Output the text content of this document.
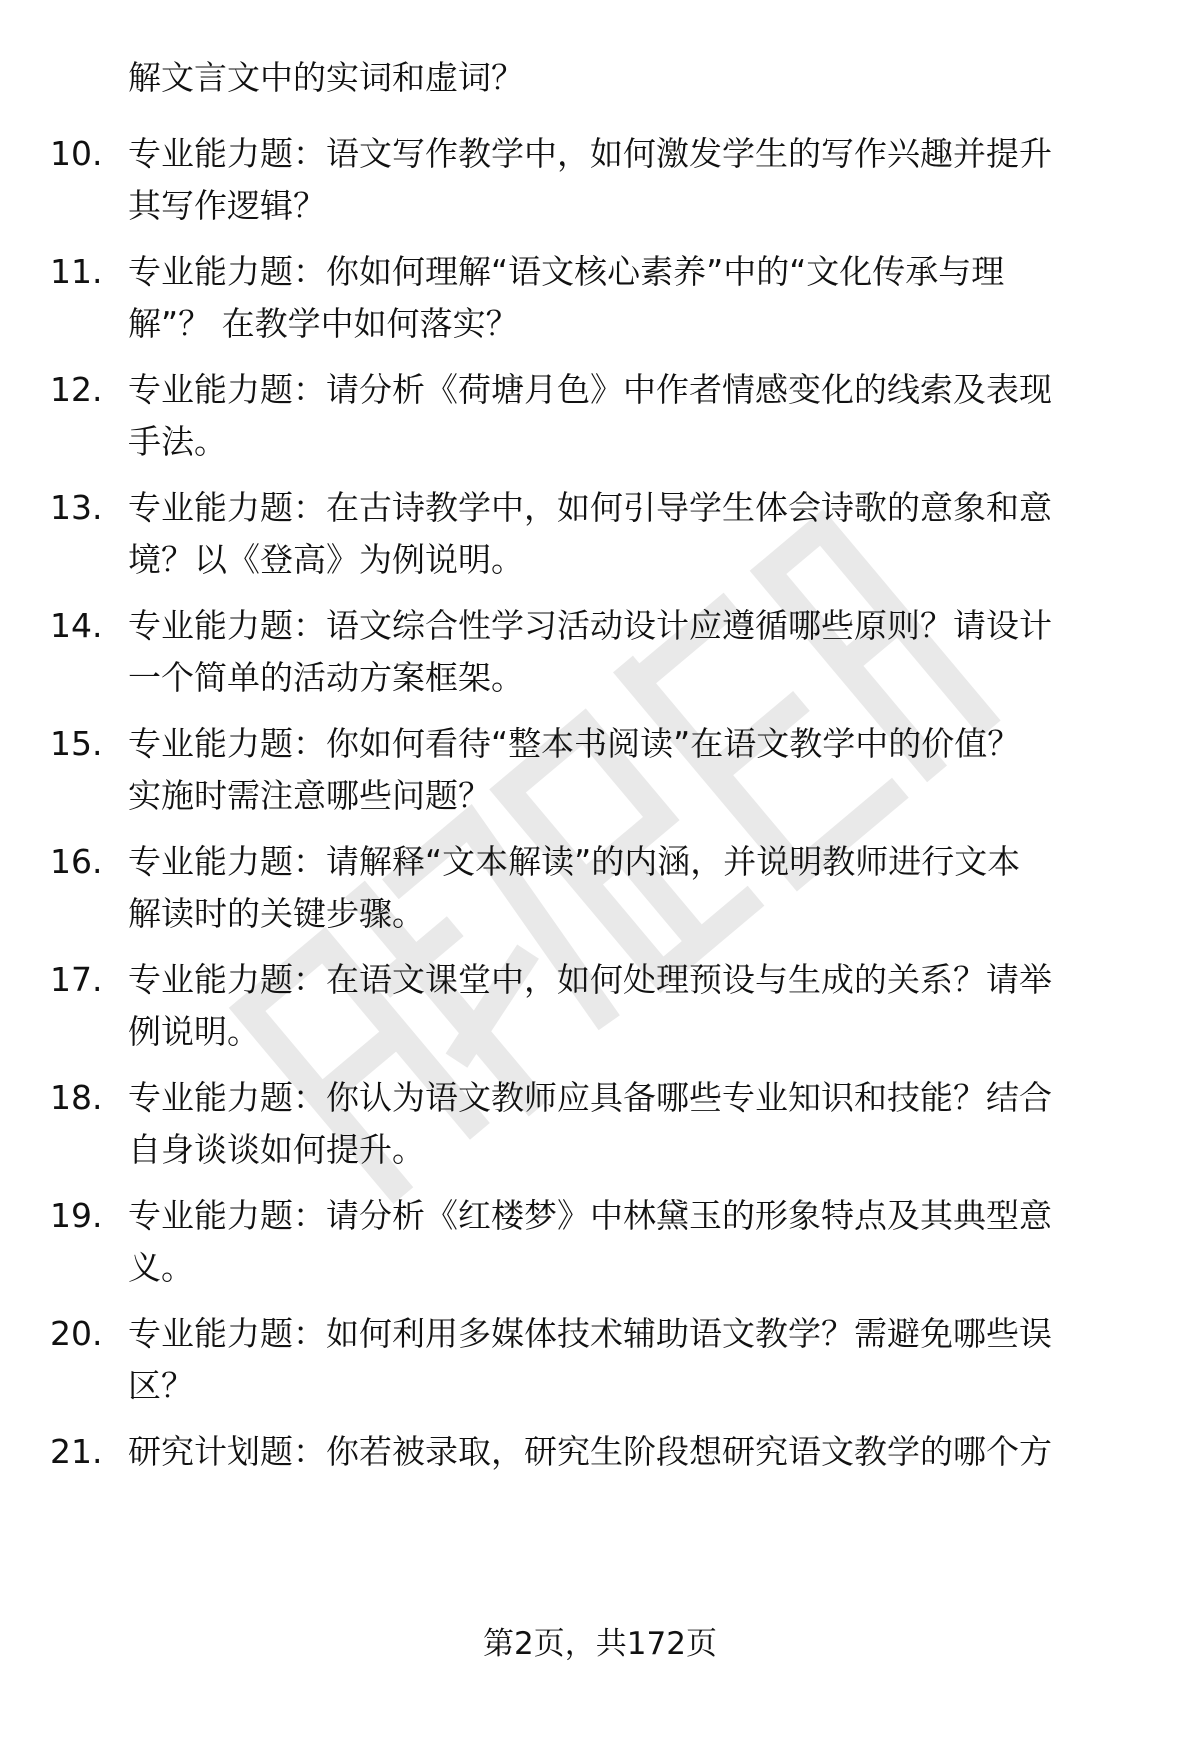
解文言文中的实词和虚词？
10. 专业能力题：语文写作教学中，如何激发学生的写作兴趣并提升
其写作逻辑？
11. 专业能力题：你如何理解“语文核心素养”中的“文化传承与理
解”？ 在教学中如何落实？
12. 专业能力题：请分析《荷塘月色》中作者情感变化的线索及表现
手法。
13. 专业能力题：在古诗教学中，如何引导学生体会诗歌的意象和意
境？以《登高》为例说明。
14. 专业能力题：语文综合性学习活动设计应遵循哪些原则？请设计
一个简单的活动方案框架。
15. 专业能力题：你如何看待“整本书阅读”在语文教学中的价值？
实施时需注意哪些问题？
16. 专业能力题：请解释“文本解读”的内涵，并说明教师进行文本
解读时的关键步骤。
17. 专业能力题：在语文课堂中，如何处理预设与生成的关系？请举
例说明。
18. 专业能力题：你认为语文教师应具备哪些专业知识和技能？结合
自身谈谈如何提升。
19. 专业能力题：请分析《红楼梦》中林黛玉的形象特点及其典型意
义。
20. 专业能力题：如何利用多媒体技术辅助语文教学？需避免哪些误
区？
21. 研究计划题：你若被录取，研究生阶段想研究语文教学的哪个方
第2页，共172页
